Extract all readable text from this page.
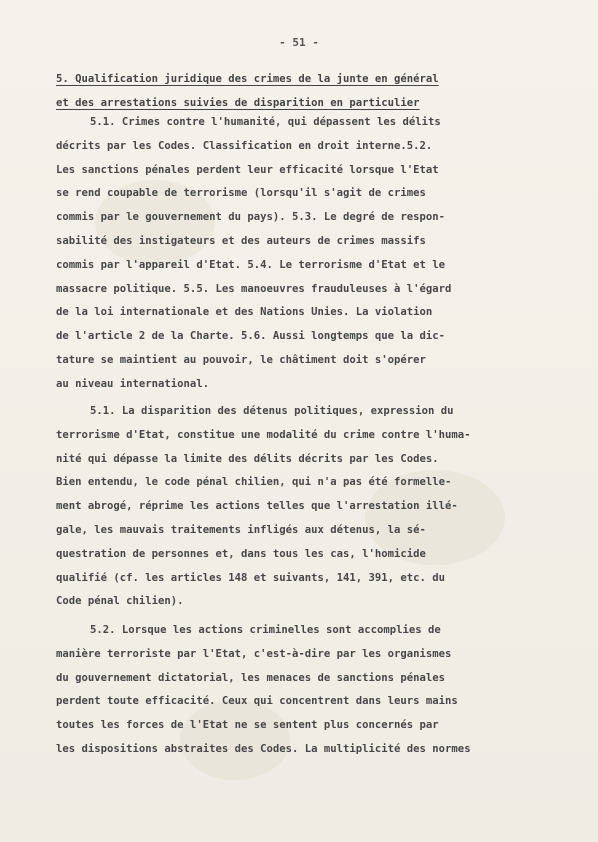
- 51 -
5. Qualification juridique des crimes de la junte en général
et des arrestations suivies de disparition en particulier
5.1. Crimes contre l'humanité, qui dépassent les délits
décrits par les Codes. Classification en droit interne.5.2.
Les sanctions pénales perdent leur efficacité lorsque l'Etat
se rend coupable de terrorisme (lorsqu'il s'agit de crimes
commis par le gouvernement du pays). 5.3. Le degré de respon-
sabilité des instigateurs et des auteurs de crimes massifs
commis par l'appareil d'Etat. 5.4. Le terrorisme d'Etat et le
massacre politique. 5.5. Les manoeuvres frauduleuses à l'égard
de la loi internationale et des Nations Unies. La violation
de l'article 2 de la Charte. 5.6. Aussi longtemps que la dic-
tature se maintient au pouvoir, le châtiment doit s'opérer
au niveau international.
5.1. La disparition des détenus politiques, expression du
terrorisme d'Etat, constitue une modalité du crime contre l'huma-
nité qui dépasse la limite des délits décrits par les Codes.
Bien entendu, le code pénal chilien, qui n'a pas été formelle-
ment abrogé, réprime les actions telles que l'arrestation illé-
gale, les mauvais traitements infligés aux détenus, la sé-
questration de personnes et, dans tous les cas, l'homicide
qualifié (cf. les articles 148 et suivants, 141, 391, etc. du
Code pénal chilien).
5.2. Lorsque les actions criminelles sont accomplies de
manière terroriste par l'Etat, c'est-à-dire par les organismes
du gouvernement dictatorial, les menaces de sanctions pénales
perdent toute efficacité. Ceux qui concentrent dans leurs mains
toutes les forces de l'Etat ne se sentent plus concernés par
les dispositions abstraites des Codes. La multiplicité des normes
